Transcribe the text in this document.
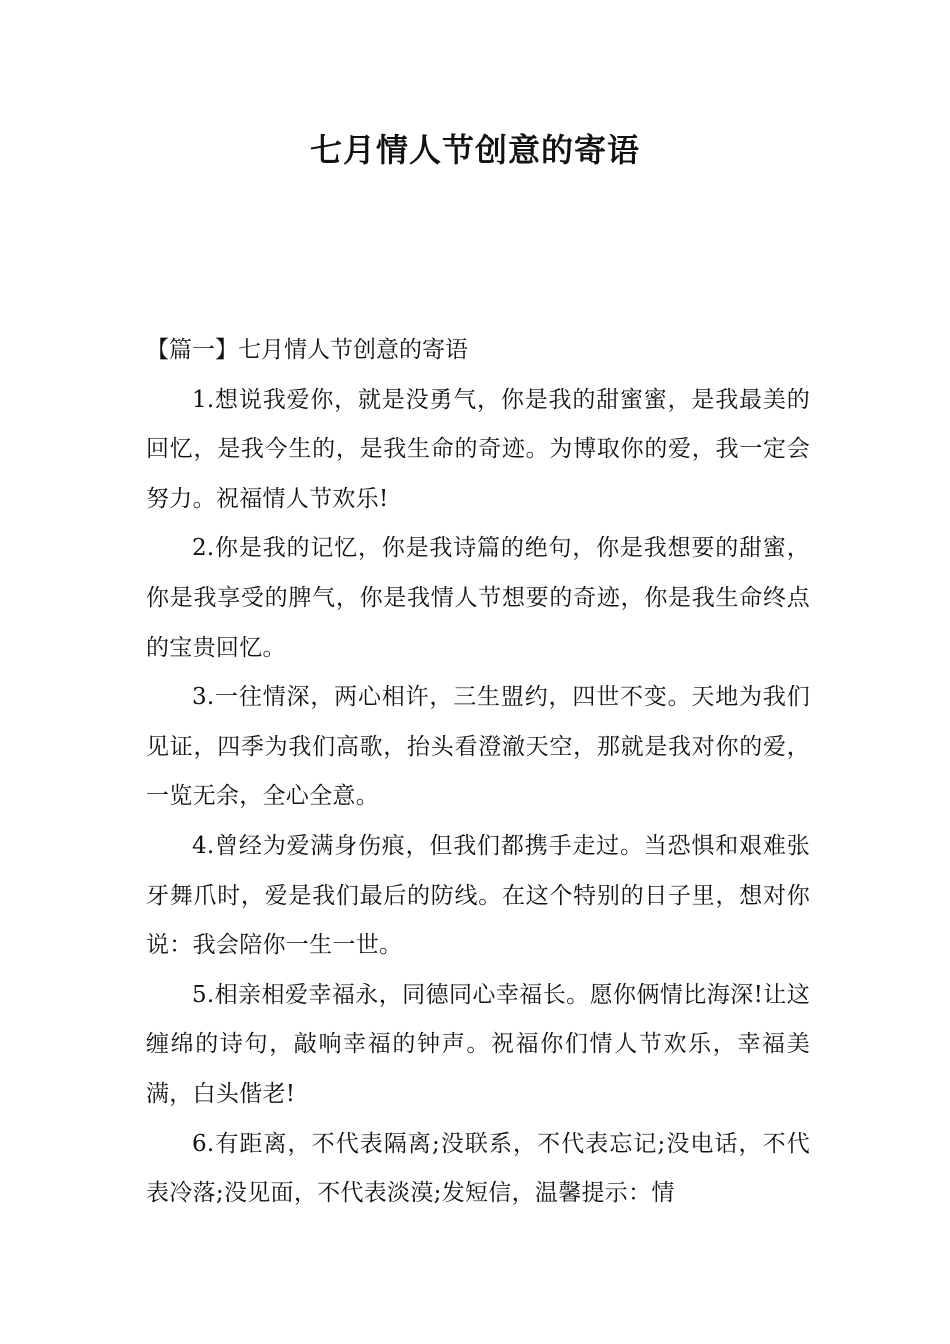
七月情人节创意的寄语

【篇一】七月情人节创意的寄语

1.想说我爱你，就是没勇气，你是我的甜蜜蜜，是我最美的回忆，是我今生的，是我生命的奇迹。为博取你的爱，我一定会努力。祝福情人节欢乐!

2.你是我的记忆，你是我诗篇的绝句，你是我想要的甜蜜，你是我享受的脾气，你是我情人节想要的奇迹，你是我生命终点的宝贵回忆。

3.一往情深，两心相许，三生盟约，四世不变。天地为我们见证，四季为我们高歌，抬头看澄澈天空，那就是我对你的爱，一览无余，全心全意。

4.曾经为爱满身伤痕，但我们都携手走过。当恐惧和艰难张牙舞爪时，爱是我们最后的防线。在这个特别的日子里，想对你说：我会陪你一生一世。

5.相亲相爱幸福永，同德同心幸福长。愿你俩情比海深!让这缠绵的诗句，敲响幸福的钟声。祝福你们情人节欢乐，幸福美满，白头偕老!

6.有距离，不代表隔离;没联系，不代表忘记;没电话，不代表冷落;没见面，不代表淡漠;发短信，温馨提示：情
